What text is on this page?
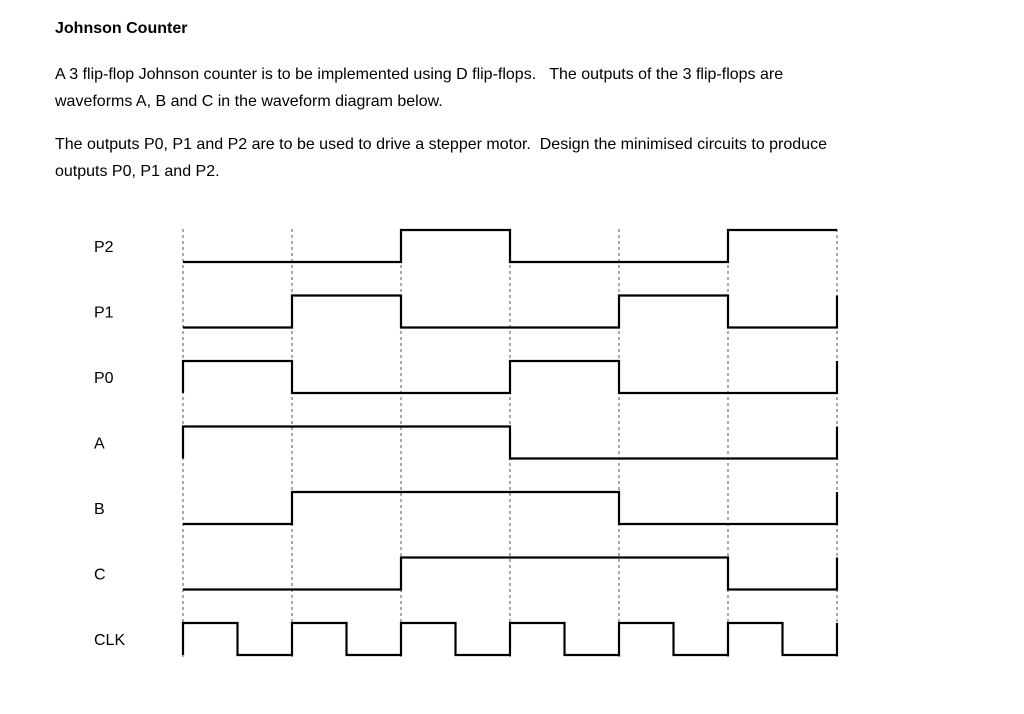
Johnson Counter
A 3 flip-flop Johnson counter is to be implemented using D flip-flops.   The outputs of the 3 flip-flops are
waveforms A, B and C in the waveform diagram below.
The outputs P0, P1 and P2 are to be used to drive a stepper motor.  Design the minimised circuits to produce
outputs P0, P1 and P2.
P2
P1
P0
A
B
C
CLK
